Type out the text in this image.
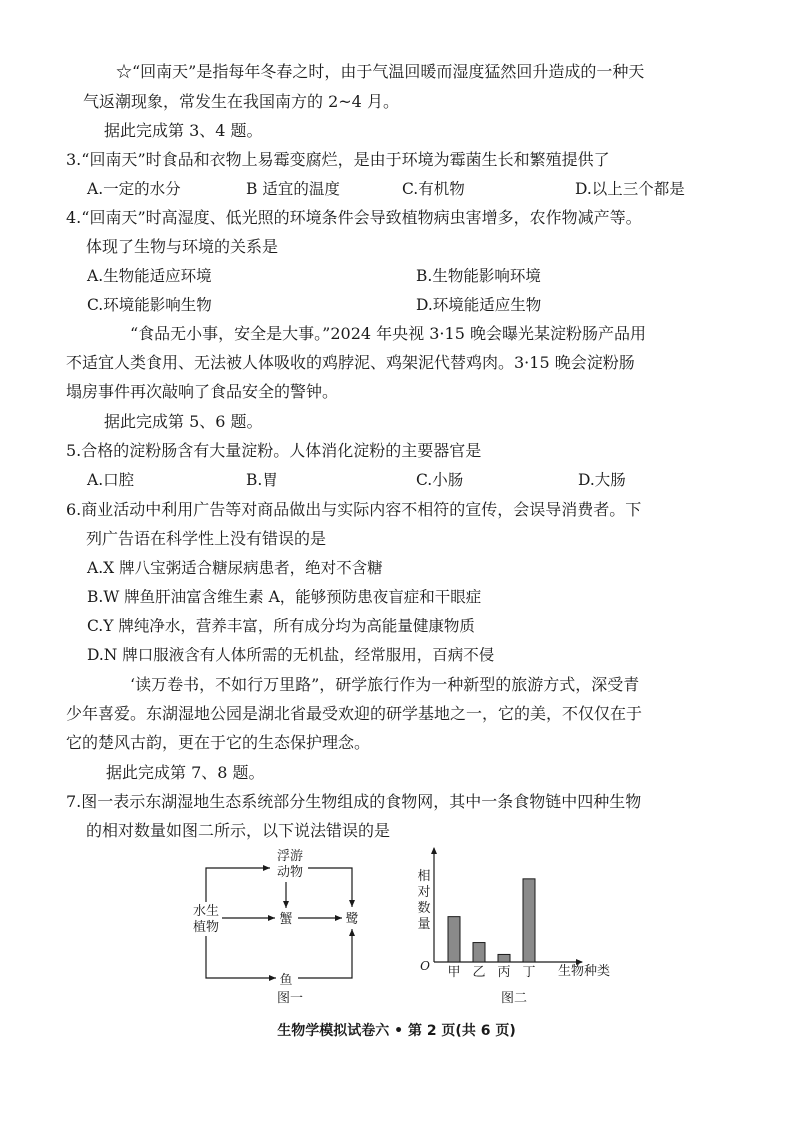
☆“回南天”是指每年冬春之时，由于气温回暖而湿度猛然回升造成的一种天
气返潮现象，常发生在我国南方的 2~4 月。
据此完成第 3、4 题。
3.“回南天”时食品和衣物上易霉变腐烂，是由于环境为霉菌生长和繁殖提供了
A.一定的水分	B 适宜的温度	C.有机物	D.以上三个都是
4.“回南天”时高湿度、低光照的环境条件会导致植物病虫害增多，农作物减产等。
体现了生物与环境的关系是
A.生物能适应环境	B.生物能影响环境
C.环境能影响生物	D.环境能适应生物
“食品无小事，安全是大事。”2024 年央视 3·15 晚会曝光某淀粉肠产品用
不适宜人类食用、无法被人体吸收的鸡脖泥、鸡架泥代替鸡肉。3·15 晚会淀粉肠
塌房事件再次敲响了食品安全的警钟。
据此完成第 5、6 题。
5.合格的淀粉肠含有大量淀粉。人体消化淀粉的主要器官是
A.口腔	B.胃	C.小肠	D.大肠
6.商业活动中利用广告等对商品做出与实际内容不相符的宣传，会误导消费者。下
列广告语在科学性上没有错误的是
A.X 牌八宝粥适合糖尿病患者，绝对不含糖
B.W 牌鱼肝油富含维生素 A，能够预防患夜盲症和干眼症
C.Y 牌纯净水，营养丰富，所有成分均为高能量健康物质
D.N 牌口服液含有人体所需的无机盐，经常服用，百病不侵
‘读万卷书，不如行万里路”，研学旅行作为一种新型的旅游方式，深受青
少年喜爱。东湖湿地公园是湖北省最受欢迎的研学基地之一，它的美，不仅仅在于
它的楚风古韵，更在于它的生态保护理念。
据此完成第 7、8 题。
7.图一表示东湖湿地生态系统部分生物组成的食物网，其中一条食物链中四种生物
的相对数量如图二所示，以下说法错误的是
水生
植物
浮游
动物
蟹	鹭
鱼
图一
相
对
数
量
O	生物种类
图二
甲 乙 丙 丁
生物学模拟试卷六 • 第 2 页(共 6 页)
